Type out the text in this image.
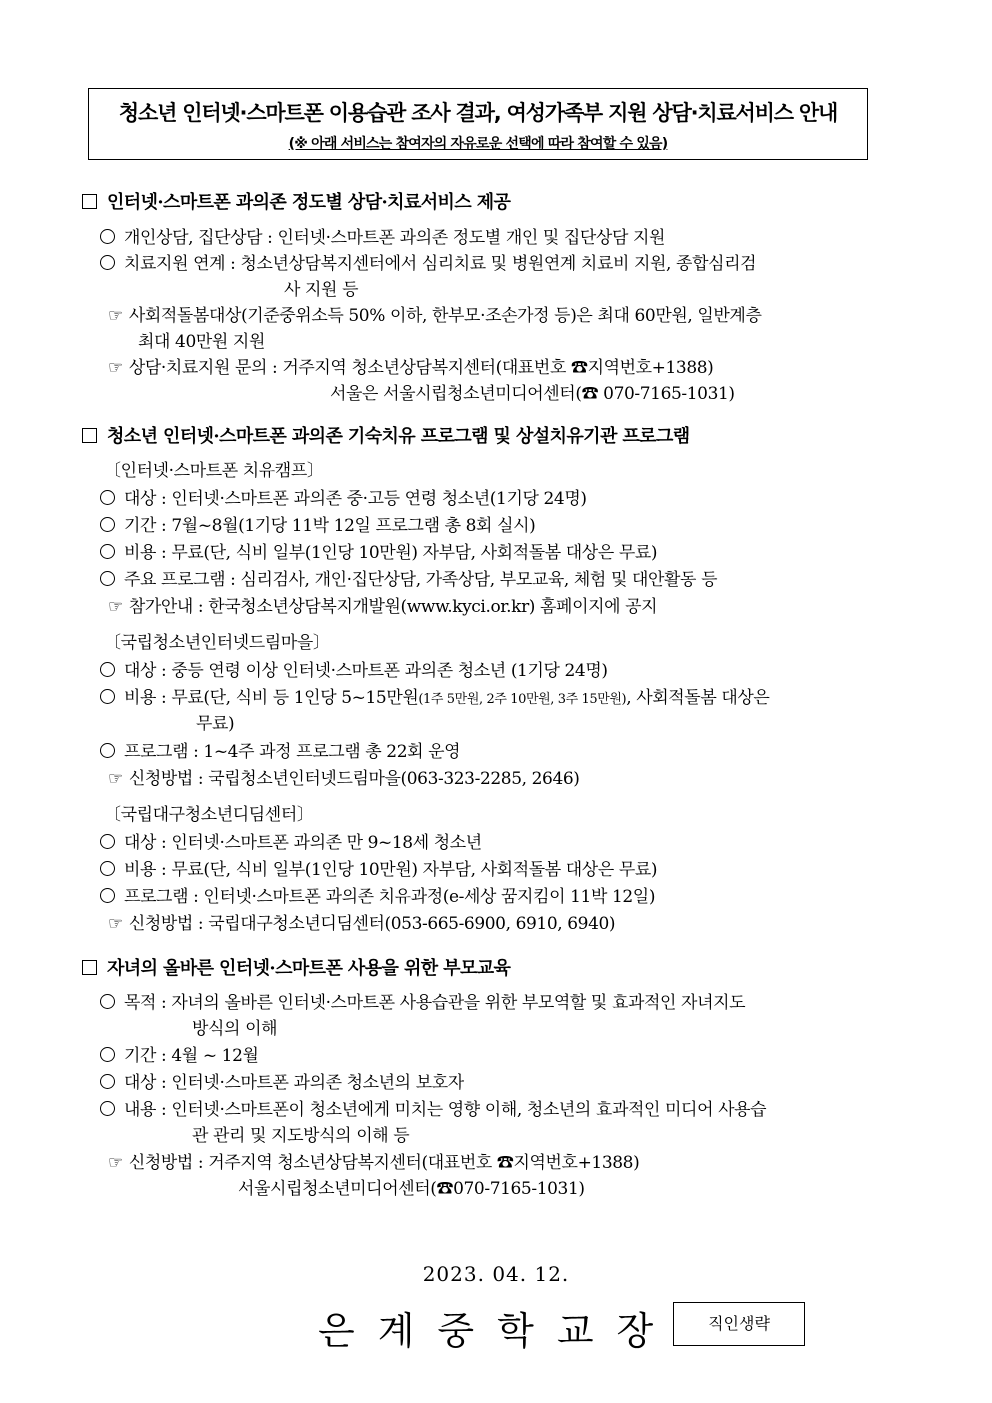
청소년 인터넷·스마트폰 이용습관 조사 결과, 여성가족부 지원 상담·치료서비스 안내
(※ 아래 서비스는 참여자의 자유로운 선택에 따라 참여할 수 있음)
인터넷·스마트폰 과의존 정도별 상담·치료서비스 제공
개인상담, 집단상담 : 인터넷·스마트폰 과의존 정도별 개인 및 집단상담 지원
치료지원 연계 : 청소년상담복지센터에서 심리치료 및 병원연계 치료비 지원, 종합심리검
사 지원 등
☞ 사회적돌봄대상(기준중위소득 50% 이하, 한부모·조손가정 등)은 최대 60만원, 일반계층
최대 40만원 지원
☞ 상담·치료지원 문의 : 거주지역 청소년상담복지센터(대표번호 ☎지역번호+1388)
서울은 서울시립청소년미디어센터(☎ 070-7165-1031)
청소년 인터넷·스마트폰 과의존 기숙치유 프로그램 및 상설치유기관 프로그램
〔인터넷·스마트폰 치유캠프〕
대상 : 인터넷·스마트폰 과의존 중·고등 연령 청소년(1기당 24명)
기간 : 7월~8월(1기당 11박 12일 프로그램 총 8회 실시)
비용 : 무료(단, 식비 일부(1인당 10만원) 자부담, 사회적돌봄 대상은 무료)
주요 프로그램 : 심리검사, 개인·집단상담, 가족상담, 부모교육, 체험 및 대안활동 등
☞ 참가안내 : 한국청소년상담복지개발원(www.kyci.or.kr) 홈페이지에 공지
〔국립청소년인터넷드림마을〕
대상 : 중등 연령 이상 인터넷·스마트폰 과의존 청소년 (1기당 24명)
비용 : 무료(단, 식비 등 1인당 5~15만원(1주 5만원, 2주 10만원, 3주 15만원), 사회적돌봄 대상은
무료)
프로그램 : 1~4주 과정 프로그램 총 22회 운영
☞ 신청방법 : 국립청소년인터넷드림마을(063-323-2285, 2646)
〔국립대구청소년디딤센터〕
대상 : 인터넷·스마트폰 과의존 만 9~18세 청소년
비용 : 무료(단, 식비 일부(1인당 10만원) 자부담, 사회적돌봄 대상은 무료)
프로그램 : 인터넷·스마트폰 과의존 치유과정(e-세상 꿈지킴이 11박 12일)
☞ 신청방법 : 국립대구청소년디딤센터(053-665-6900, 6910, 6940)
자녀의 올바른 인터넷·스마트폰 사용을 위한 부모교육
목적 : 자녀의 올바른 인터넷·스마트폰 사용습관을 위한 부모역할 및 효과적인 자녀지도
방식의 이해
기간 : 4월 ~ 12월
대상 : 인터넷·스마트폰 과의존 청소년의 보호자
내용 : 인터넷·스마트폰이 청소년에게 미치는 영향 이해, 청소년의 효과적인 미디어 사용습
관 관리 및 지도방식의 이해 등
☞ 신청방법 : 거주지역 청소년상담복지센터(대표번호 ☎지역번호+1388)
서울시립청소년미디어센터(☎070-7165-1031)
2023. 04. 12.
은계중학교장	직인생략
